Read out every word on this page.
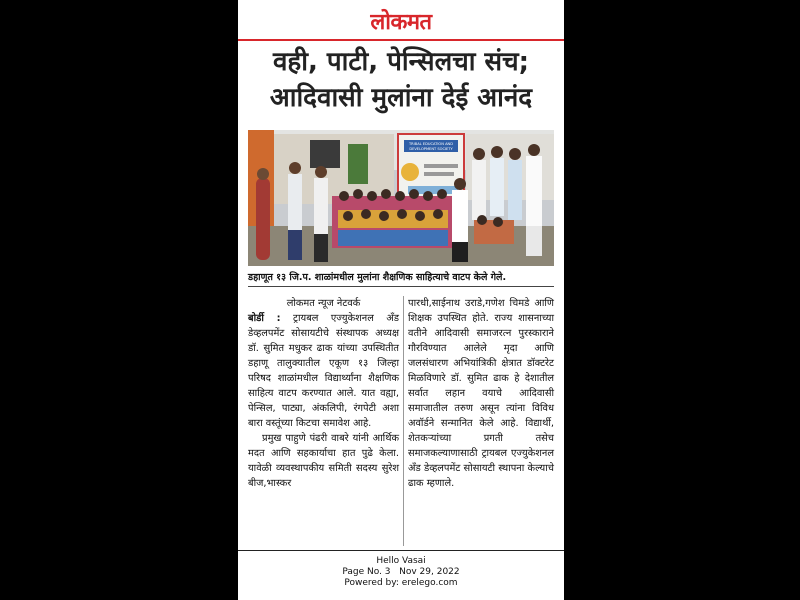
लोकमत
वही, पाटी, पेन्सिलचा संच;
आदिवासी मुलांना देई आनंद
TRIBAL EDUCATION AND
DEVELOPMENT SOCIETY
डहाणूत १३ जि.प. शाळांमधील मुलांना शैक्षणिक साहित्याचे वाटप केले गेले.
लोकमत न्यूज नेटवर्क
बोर्डी : ट्रायबल एज्युकेशनल अँड डेव्हलपमेंट सोसायटीचे संस्थापक अध्यक्ष डॉ. सुमित मधुकर ढाक यांच्या उपस्थितीत डहाणू तालुक्यातील एकूण १३ जिल्हा परिषद शाळांमधील विद्यार्थ्यांना शैक्षणिक साहित्य वाटप करण्यात आले. यात वह्या, पेन्सिल, पाट्या, अंकलिपी, रंगपेटी अशा बारा वस्तूंच्या किटचा समावेश आहे.
प्रमुख पाहुणे पंढरी वाबरे यांनी आर्थिक मदत आणि सहकार्याचा हात पुढे केला. यावेळी व्यवस्थापकीय समिती सदस्य सुरेश बीज,भास्कर
पारधी,साईनाथ उराडे,गणेश चिमडे आणि शिक्षक उपस्थित होते. राज्य शासनाच्या वतीने आदिवासी समाजरत्न पुरस्काराने गौरविण्यात आलेले मृदा आणि जलसंधारण अभियांत्रिकी क्षेत्रात डॉक्टरेट मिळविणारे डॉ. सुमित ढाक हे देशातील सर्वात लहान वयाचे आदिवासी समाजातील तरुण असून त्यांना विविध अवॉर्डने सन्मानित केले आहे. विद्यार्थी, शेतकऱ्यांच्या प्रगती तसेच समाजकल्याणासाठी ट्रायबल एज्युकेशनल अँड डेव्हलपमेंट सोसायटी स्थापना केल्याचे ढाक म्हणाले.
Hello Vasai
Page No. 3 Nov 29, 2022
Powered by: erelego.com
